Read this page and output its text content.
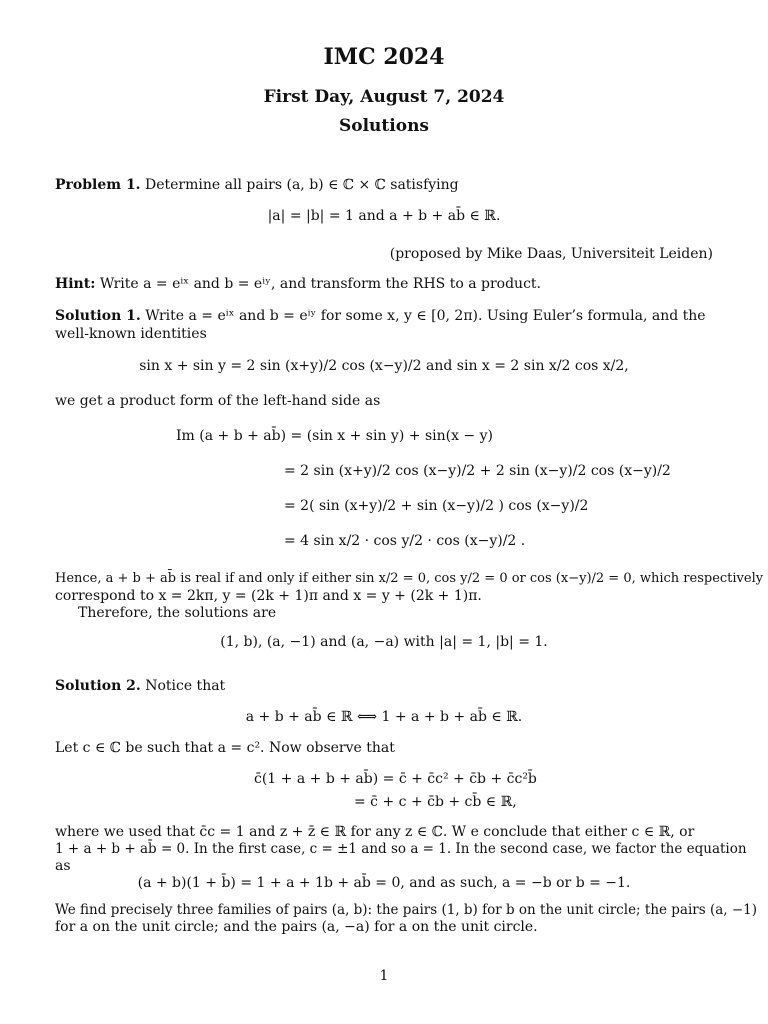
IMC 2024
First Day, August 7, 2024
Solutions
Problem 1. Determine all pairs (a, b) ∈ ℂ × ℂ satisfying
|a| = |b| = 1 and a + b + ab̄ ∈ ℝ.
(proposed by Mike Daas, Universiteit Leiden)
Hint: Write a = eⁱˣ and b = eⁱʸ, and transform the RHS to a product.
Solution 1. Write a = eⁱˣ and b = eⁱʸ for some x, y ∈ [0, 2π). Using Euler’s formula, and the
well-known identities
sin x + sin y = 2 sin (x+y)/2 cos (x−y)/2 and sin x = 2 sin x/2 cos x/2,
we get a product form of the left-hand side as
Im (a + b + ab̄) = (sin x + sin y) + sin(x − y)
= 2 sin (x+y)/2 cos (x−y)/2 + 2 sin (x−y)/2 cos (x−y)/2
= 2( sin (x+y)/2 + sin (x−y)/2 ) cos (x−y)/2
= 4 sin x/2 · cos y/2 · cos (x−y)/2 .
Hence, a + b + ab̄ is real if and only if either sin x/2 = 0, cos y/2 = 0 or cos (x−y)/2 = 0, which respectively
correspond to x = 2kπ, y = (2k + 1)π and x = y + (2k + 1)π.
Therefore, the solutions are
(1, b), (a, −1) and (a, −a) with |a| = 1, |b| = 1.
Solution 2. Notice that
a + b + ab̄ ∈ ℝ ⟺ 1 + a + b + ab̄ ∈ ℝ.
Let c ∈ ℂ be such that a = c². Now observe that
c̄(1 + a + b + ab̄) = c̄ + c̄c² + c̄b + c̄c²b̄
= c̄ + c + c̄b + cb̄ ∈ ℝ,
where we used that c̄c = 1 and z + z̄ ∈ ℝ for any z ∈ ℂ. W e conclude that either c ∈ ℝ, or
1 + a + b + ab̄ = 0. In the first case, c = ±1 and so a = 1. In the second case, we factor the equation
as
(a + b)(1 + b̄) = 1 + a + 1b + ab̄ = 0, and as such, a = −b or b = −1.
We find precisely three families of pairs (a, b): the pairs (1, b) for b on the unit circle; the pairs (a, −1)
for a on the unit circle; and the pairs (a, −a) for a on the unit circle.
1
